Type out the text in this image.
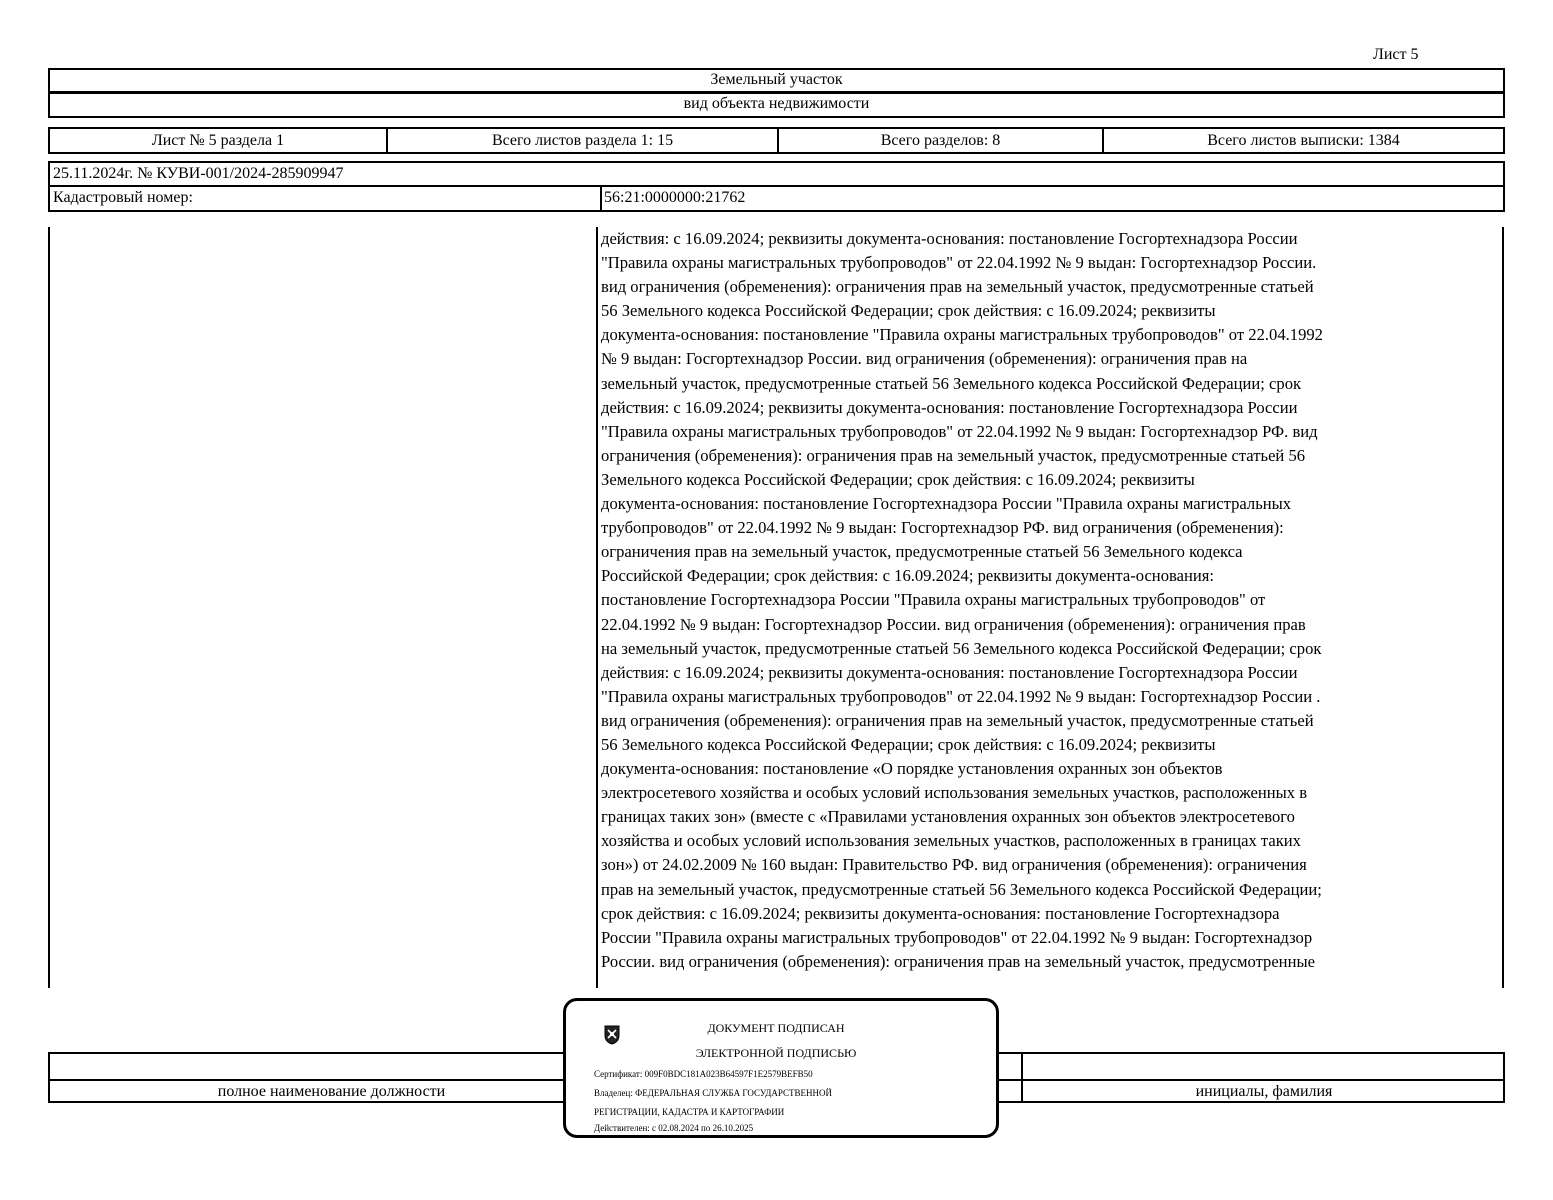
Лист 5
Земельный участок
вид объекта недвижимости
Лист № 5 раздела 1	Всего листов раздела 1: 15	Всего разделов: 8	Всего листов выписки: 1384
25.11.2024г. № КУВИ-001/2024-285909947
Кадастровый номер:	56:21:0000000:21762
действия: с 16.09.2024; реквизиты документа-основания: постановление Госгортехнадзора России
"Правила охраны магистральных трубопроводов" от 22.04.1992 № 9 выдан: Госгортехнадзор России.
вид ограничения (обременения): ограничения прав на земельный участок, предусмотренные статьей
56 Земельного кодекса Российской Федерации; срок действия: с 16.09.2024; реквизиты
документа-основания: постановление "Правила охраны магистральных трубопроводов" от 22.04.1992
№ 9 выдан: Госгортехнадзор России. вид ограничения (обременения): ограничения прав на
земельный участок, предусмотренные статьей 56 Земельного кодекса Российской Федерации; срок
действия: с 16.09.2024; реквизиты документа-основания: постановление Госгортехнадзора России
"Правила охраны магистральных трубопроводов" от 22.04.1992 № 9 выдан: Госгортехнадзор РФ. вид
ограничения (обременения): ограничения прав на земельный участок, предусмотренные статьей 56
Земельного кодекса Российской Федерации; срок действия: с 16.09.2024; реквизиты
документа-основания: постановление Госгортехнадзора России "Правила охраны магистральных
трубопроводов" от 22.04.1992 № 9 выдан: Госгортехнадзор РФ. вид ограничения (обременения):
ограничения прав на земельный участок, предусмотренные статьей 56 Земельного кодекса
Российской Федерации; срок действия: с 16.09.2024; реквизиты документа-основания:
постановление Госгортехнадзора России "Правила охраны магистральных трубопроводов" от
22.04.1992 № 9 выдан: Госгортехнадзор России. вид ограничения (обременения): ограничения прав
на земельный участок, предусмотренные статьей 56 Земельного кодекса Российской Федерации; срок
действия: с 16.09.2024; реквизиты документа-основания: постановление Госгортехнадзора России
"Правила охраны магистральных трубопроводов" от 22.04.1992 № 9 выдан: Госгортехнадзор России .
вид ограничения (обременения): ограничения прав на земельный участок, предусмотренные статьей
56 Земельного кодекса Российской Федерации; срок действия: с 16.09.2024; реквизиты
документа-основания: постановление «О порядке установления охранных зон объектов
электросетевого хозяйства и особых условий использования земельных участков, расположенных в
границах таких зон» (вместе с «Правилами установления охранных зон объектов электросетевого
хозяйства и особых условий использования земельных участков, расположенных в границах таких
зон») от 24.02.2009 № 160 выдан: Правительство РФ. вид ограничения (обременения): ограничения
прав на земельный участок, предусмотренные статьей 56 Земельного кодекса Российской Федерации;
срок действия: с 16.09.2024; реквизиты документа-основания: постановление Госгортехнадзора
России "Правила охраны магистральных трубопроводов" от 22.04.1992 № 9 выдан: Госгортехнадзор
России. вид ограничения (обременения): ограничения прав на земельный участок, предусмотренные
полное наименование должности	инициалы, фамилия
ДОКУМЕНТ ПОДПИСАН
ЭЛЕКТРОННОЙ ПОДПИСЬЮ
Сертификат: 009F0BDC181A023B64597F1E2579BEFB50
Владелец: ФЕДЕРАЛЬНАЯ СЛУЖБА ГОСУДАРСТВЕННОЙ
РЕГИСТРАЦИИ, КАДАСТРА И КАРТОГРАФИИ
Действителен: с 02.08.2024 по 26.10.2025
